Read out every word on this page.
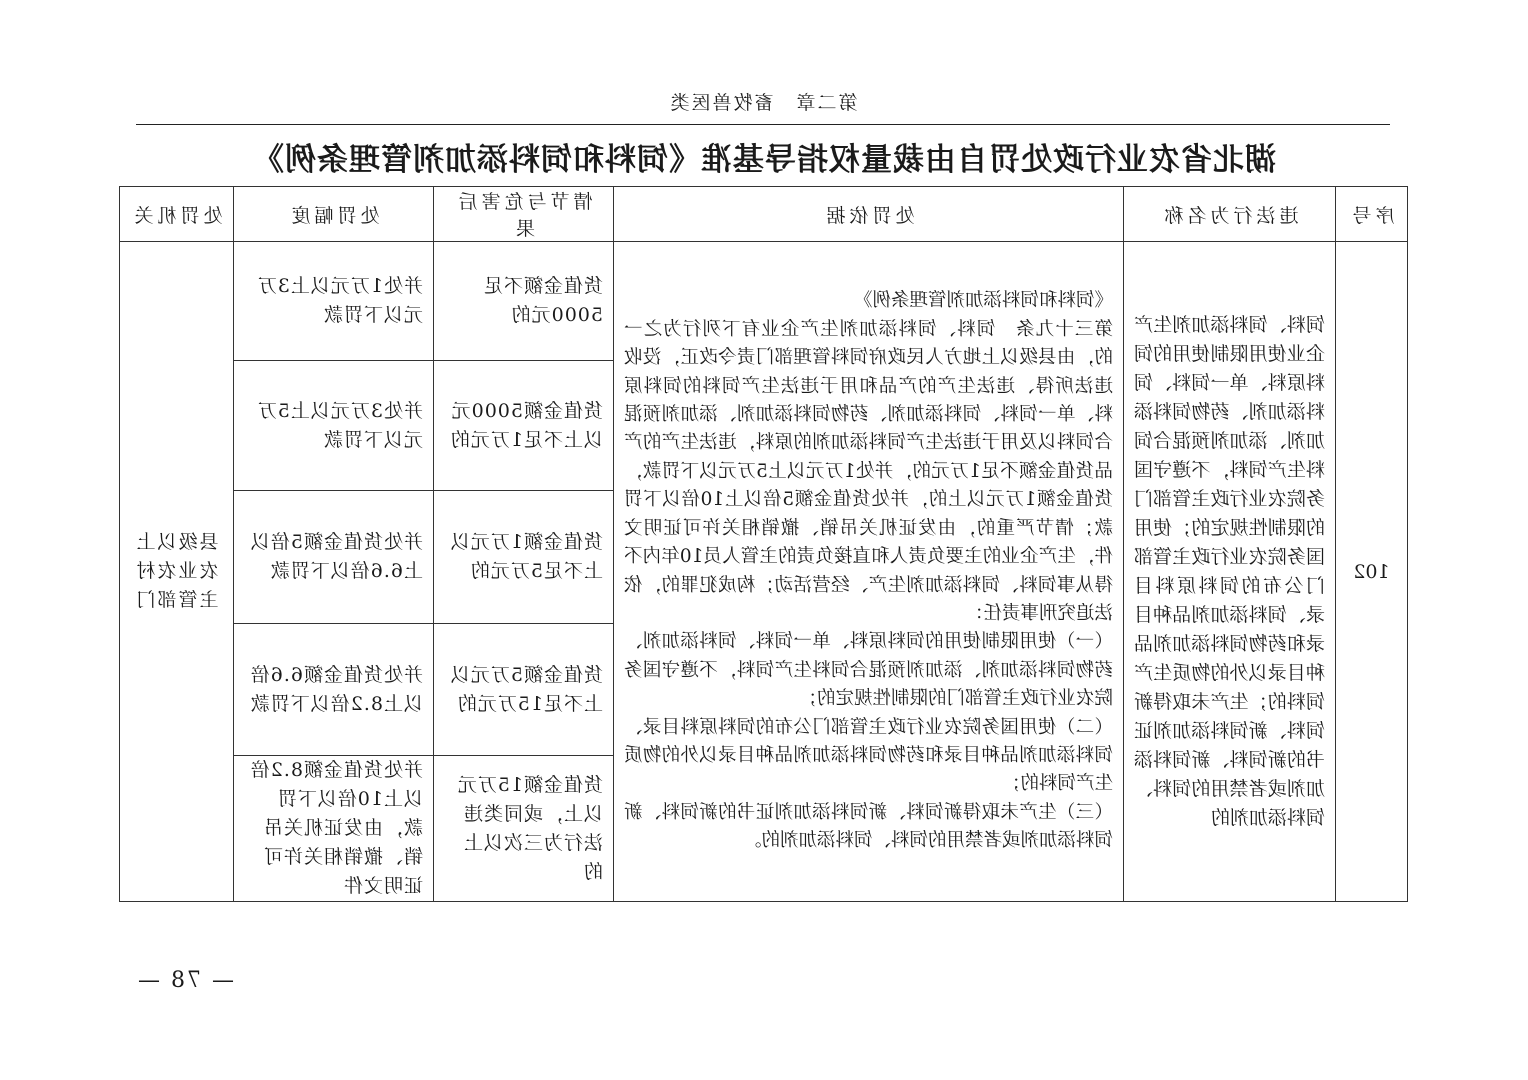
第二章　畜牧兽医类
湖北省农业行政处罚自由裁量权指导基准《饲料和饲料添加剂管理条例》
序号	违法行为名称	处罚依据	情节与危害后果	处罚幅度	处罚机关
102	饲料、饲料添加剂生产企业使用限制使用的饲料原料、单一饲料、饲料添加剂、药物饲料添加剂、添加剂预混合饲料生产饲料，不遵守国务院农业行政主管部门的限制性规定的；使用国务院农业行政主管部门公布的饲料原料目录、饲料添加剂品种目录和药物饲料添加剂品种目录以外的物质生产饲料的；生产未取得新饲料、新饲料添加剂证书的新饲料、新饲料添加剂或者禁用的饲料、饲料添加剂的	《饲料和饲料添加剂管理条例》
第三十九条　饲料、饲料添加剂生产企业有下列行为之一的，由县级以上地方人民政府饲料管理部门责令改正，没收违法所得、违法生产的产品和用于违法生产饲料的饲料原料、单一饲料、饲料添加剂、药物饲料添加剂、添加剂预混合饲料以及用于违法生产饲料添加剂的原料，违法生产的产品货值金额不足1万元的，并处1万元以上5万元以下罚款，货值金额1万元以上的，并处货值金额5倍以上10倍以下罚款；情节严重的，由发证机关吊销、撤销相关许可证明文件，生产企业的主要负责人和直接负责的主管人员10年内不得从事饲料、饲料添加剂生产、经营活动；构成犯罪的，依法追究刑事责任：
（一）使用限制使用的饲料原料、单一饲料、饲料添加剂、药物饲料添加剂、添加剂预混合饲料生产饲料，不遵守国务院农业行政主管部门的限制性规定的；
（二）使用国务院农业行政主管部门公布的饲料原料目录、饲料添加剂品种目录和药物饲料添加剂品种目录以外的物质生产饲料的；
（三）生产未取得新饲料、新饲料添加剂证书的新饲料、新饲料添加剂或者禁用的饲料、饲料添加剂的。	货值金额不足5000元的	并处1万元以上3万元以下罚款	县级以上农业农村主管部门
			货值金额5000元以上不足1万元的	并处3万元以上5万元以下罚款	
			货值金额1万元以上不足5万元的	并处货值金额5倍以上6.6倍以下罚款	
			货值金额5万元以上不足15万元的	并处货值金额6.6倍以上8.2倍以下罚款	
			货值金额15万元以上，或同类违法行为三次以上的	并处货值金额8.2倍以上10倍以下罚款，由发证机关吊销、撤销相关许可证明文件	
— 78 —
